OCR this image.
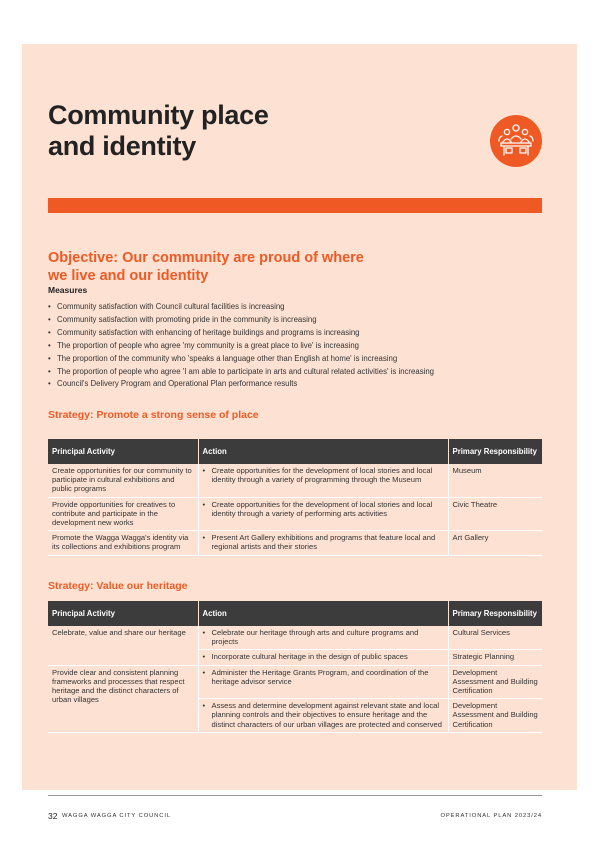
Community place
and identity
Objective: Our community are proud of where
we live and our identity
Measures
• Community satisfaction with Council cultural facilities is increasing
• Community satisfaction with promoting pride in the community is increasing
• Community satisfaction with enhancing of heritage buildings and programs is increasing
• The proportion of people who agree 'my community is a great place to live' is increasing
• The proportion of the community who 'speaks a language other than English at home' is increasing
• The proportion of people who agree 'I am able to participate in arts and cultural related activities' is increasing
• Council's Delivery Program and Operational Plan performance results
Strategy: Promote a strong sense of place
Principal Activity	Action	Primary Responsibility
Create opportunities for our community to participate in cultural exhibitions and public programs	• Create opportunities for the development of local stories and local identity through a variety of programming through the Museum	Museum
Provide opportunities for creatives to contribute and participate in the development new works	• Create opportunities for the development of local stories and local identity through a variety of performing arts activities	Civic Theatre
Promote the Wagga Wagga's identity via its collections and exhibitions program	• Present Art Gallery exhibitions and programs that feature local and regional artists and their stories	Art Gallery
Strategy: Value our heritage
Principal Activity	Action	Primary Responsibility
Celebrate, value and share our heritage	• Celebrate our heritage through arts and culture programs and projects	Cultural Services
	• Incorporate cultural heritage in the design of public spaces	Strategic Planning
Provide clear and consistent planning frameworks and processes that respect heritage and the distinct characters of urban villages	• Administer the Heritage Grants Program, and coordination of the heritage advisor service	Development Assessment and Building Certification
	• Assess and determine development against relevant state and local planning controls and their objectives to ensure heritage and the distinct characters of our urban villages are protected and conserved	Development Assessment and Building Certification
32 WAGGA WAGGA CITY COUNCIL	OPERATIONAL PLAN 2023/24
